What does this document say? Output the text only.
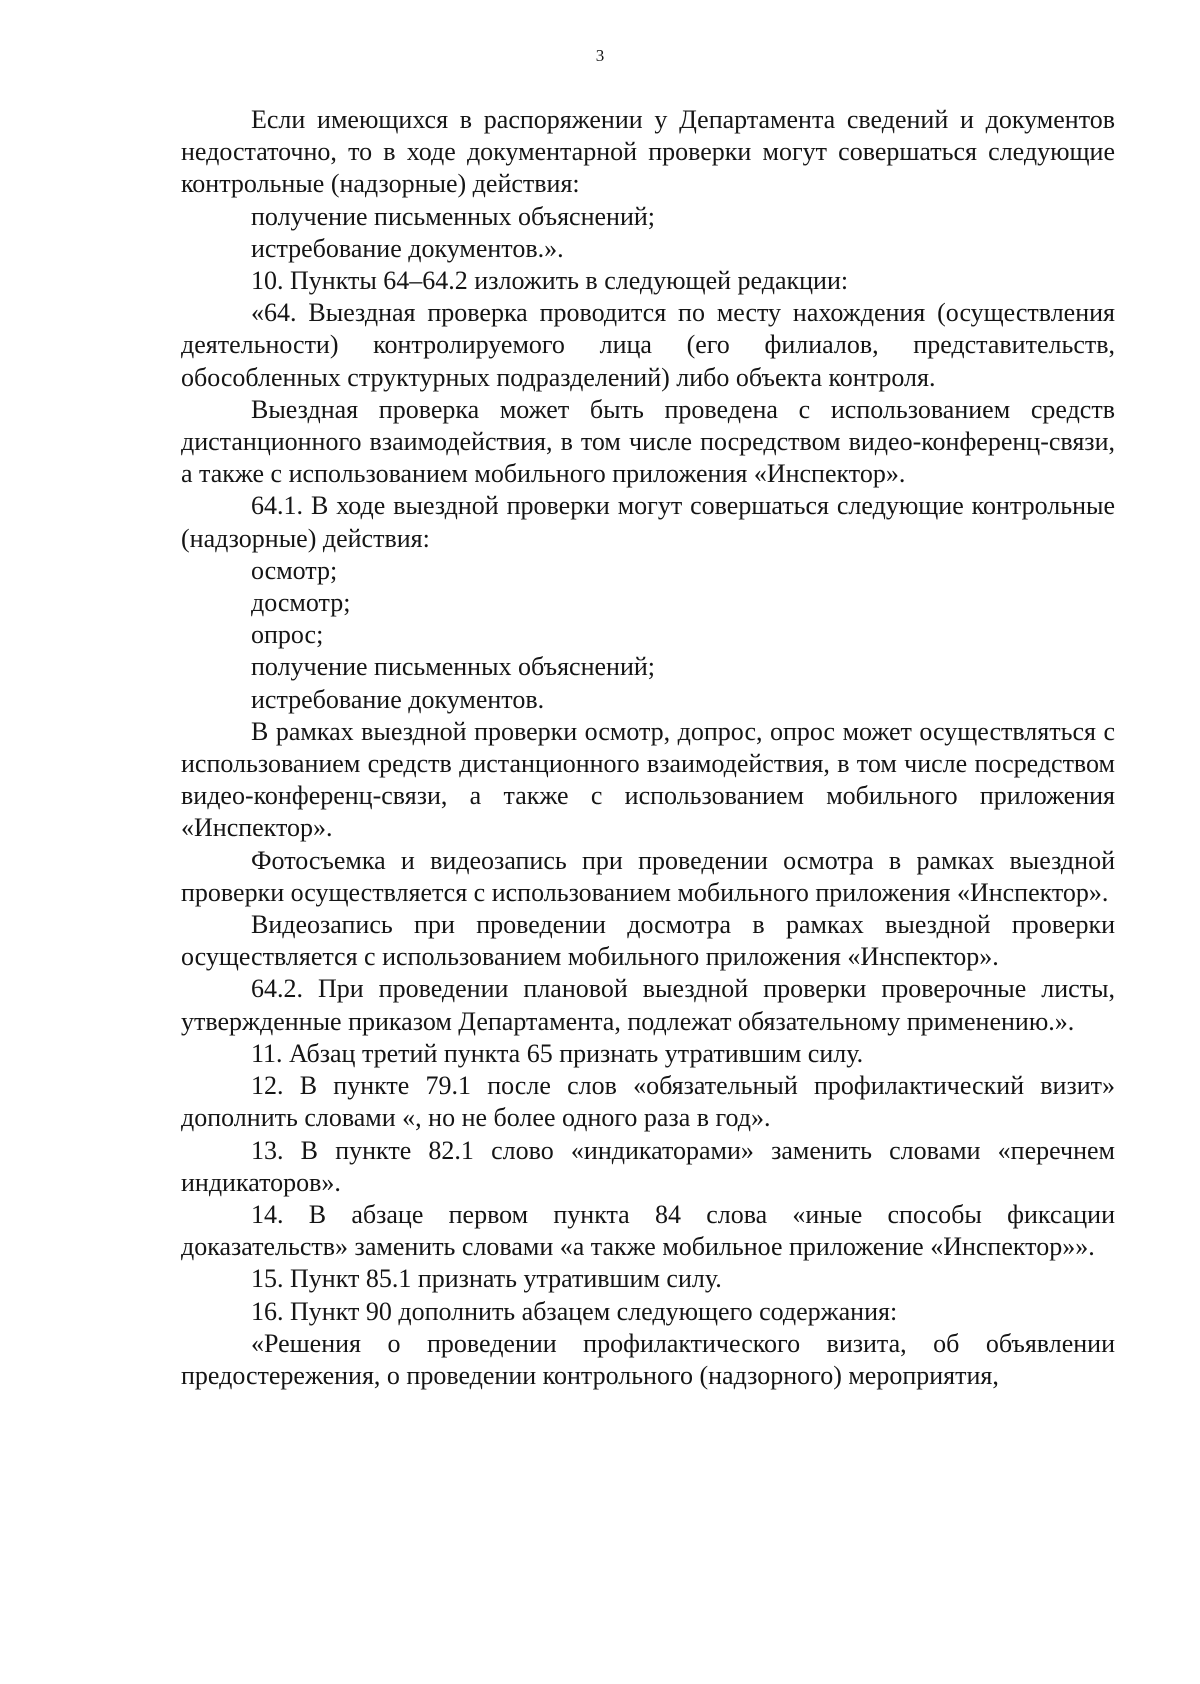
3

Если имеющихся в распоряжении у Департамента сведений и документов недостаточно, то в ходе документарной проверки могут совершаться следующие контрольные (надзорные) действия:

получение письменных объяснений;

истребование документов.».

10. Пункты 64–64.2 изложить в следующей редакции:

«64. Выездная проверка проводится по месту нахождения (осуществления деятельности) контролируемого лица (его филиалов, представительств, обособленных структурных подразделений) либо объекта контроля.

Выездная проверка может быть проведена с использованием средств дистанционного взаимодействия, в том числе посредством видео-конференц-связи, а также с использованием мобильного приложения «Инспектор».

64.1. В ходе выездной проверки могут совершаться следующие контрольные (надзорные) действия:

осмотр;

досмотр;

опрос;

получение письменных объяснений;

истребование документов.

В рамках выездной проверки осмотр, допрос, опрос может осуществляться с использованием средств дистанционного взаимодействия, в том числе посредством видео-конференц-связи, а также с использованием мобильного приложения «Инспектор».

Фотосъемка и видеозапись при проведении осмотра в рамках выездной проверки осуществляется с использованием мобильного приложения «Инспектор».

Видеозапись при проведении досмотра в рамках выездной проверки осуществляется с использованием мобильного приложения «Инспектор».

64.2. При проведении плановой выездной проверки проверочные листы, утвержденные приказом Департамента, подлежат обязательному применению.».

11. Абзац третий пункта 65 признать утратившим силу.

12. В пункте 79.1 после слов «обязательный профилактический визит» дополнить словами «, но не более одного раза в год».

13. В пункте 82.1 слово «индикаторами» заменить словами «перечнем индикаторов».

14. В абзаце первом пункта 84 слова «иные способы фиксации доказательств» заменить словами «а также мобильное приложение «Инспектор»».

15. Пункт 85.1 признать утратившим силу.

16. Пункт 90 дополнить абзацем следующего содержания:

«Решения о проведении профилактического визита, об объявлении предостережения, о проведении контрольного (надзорного) мероприятия,
